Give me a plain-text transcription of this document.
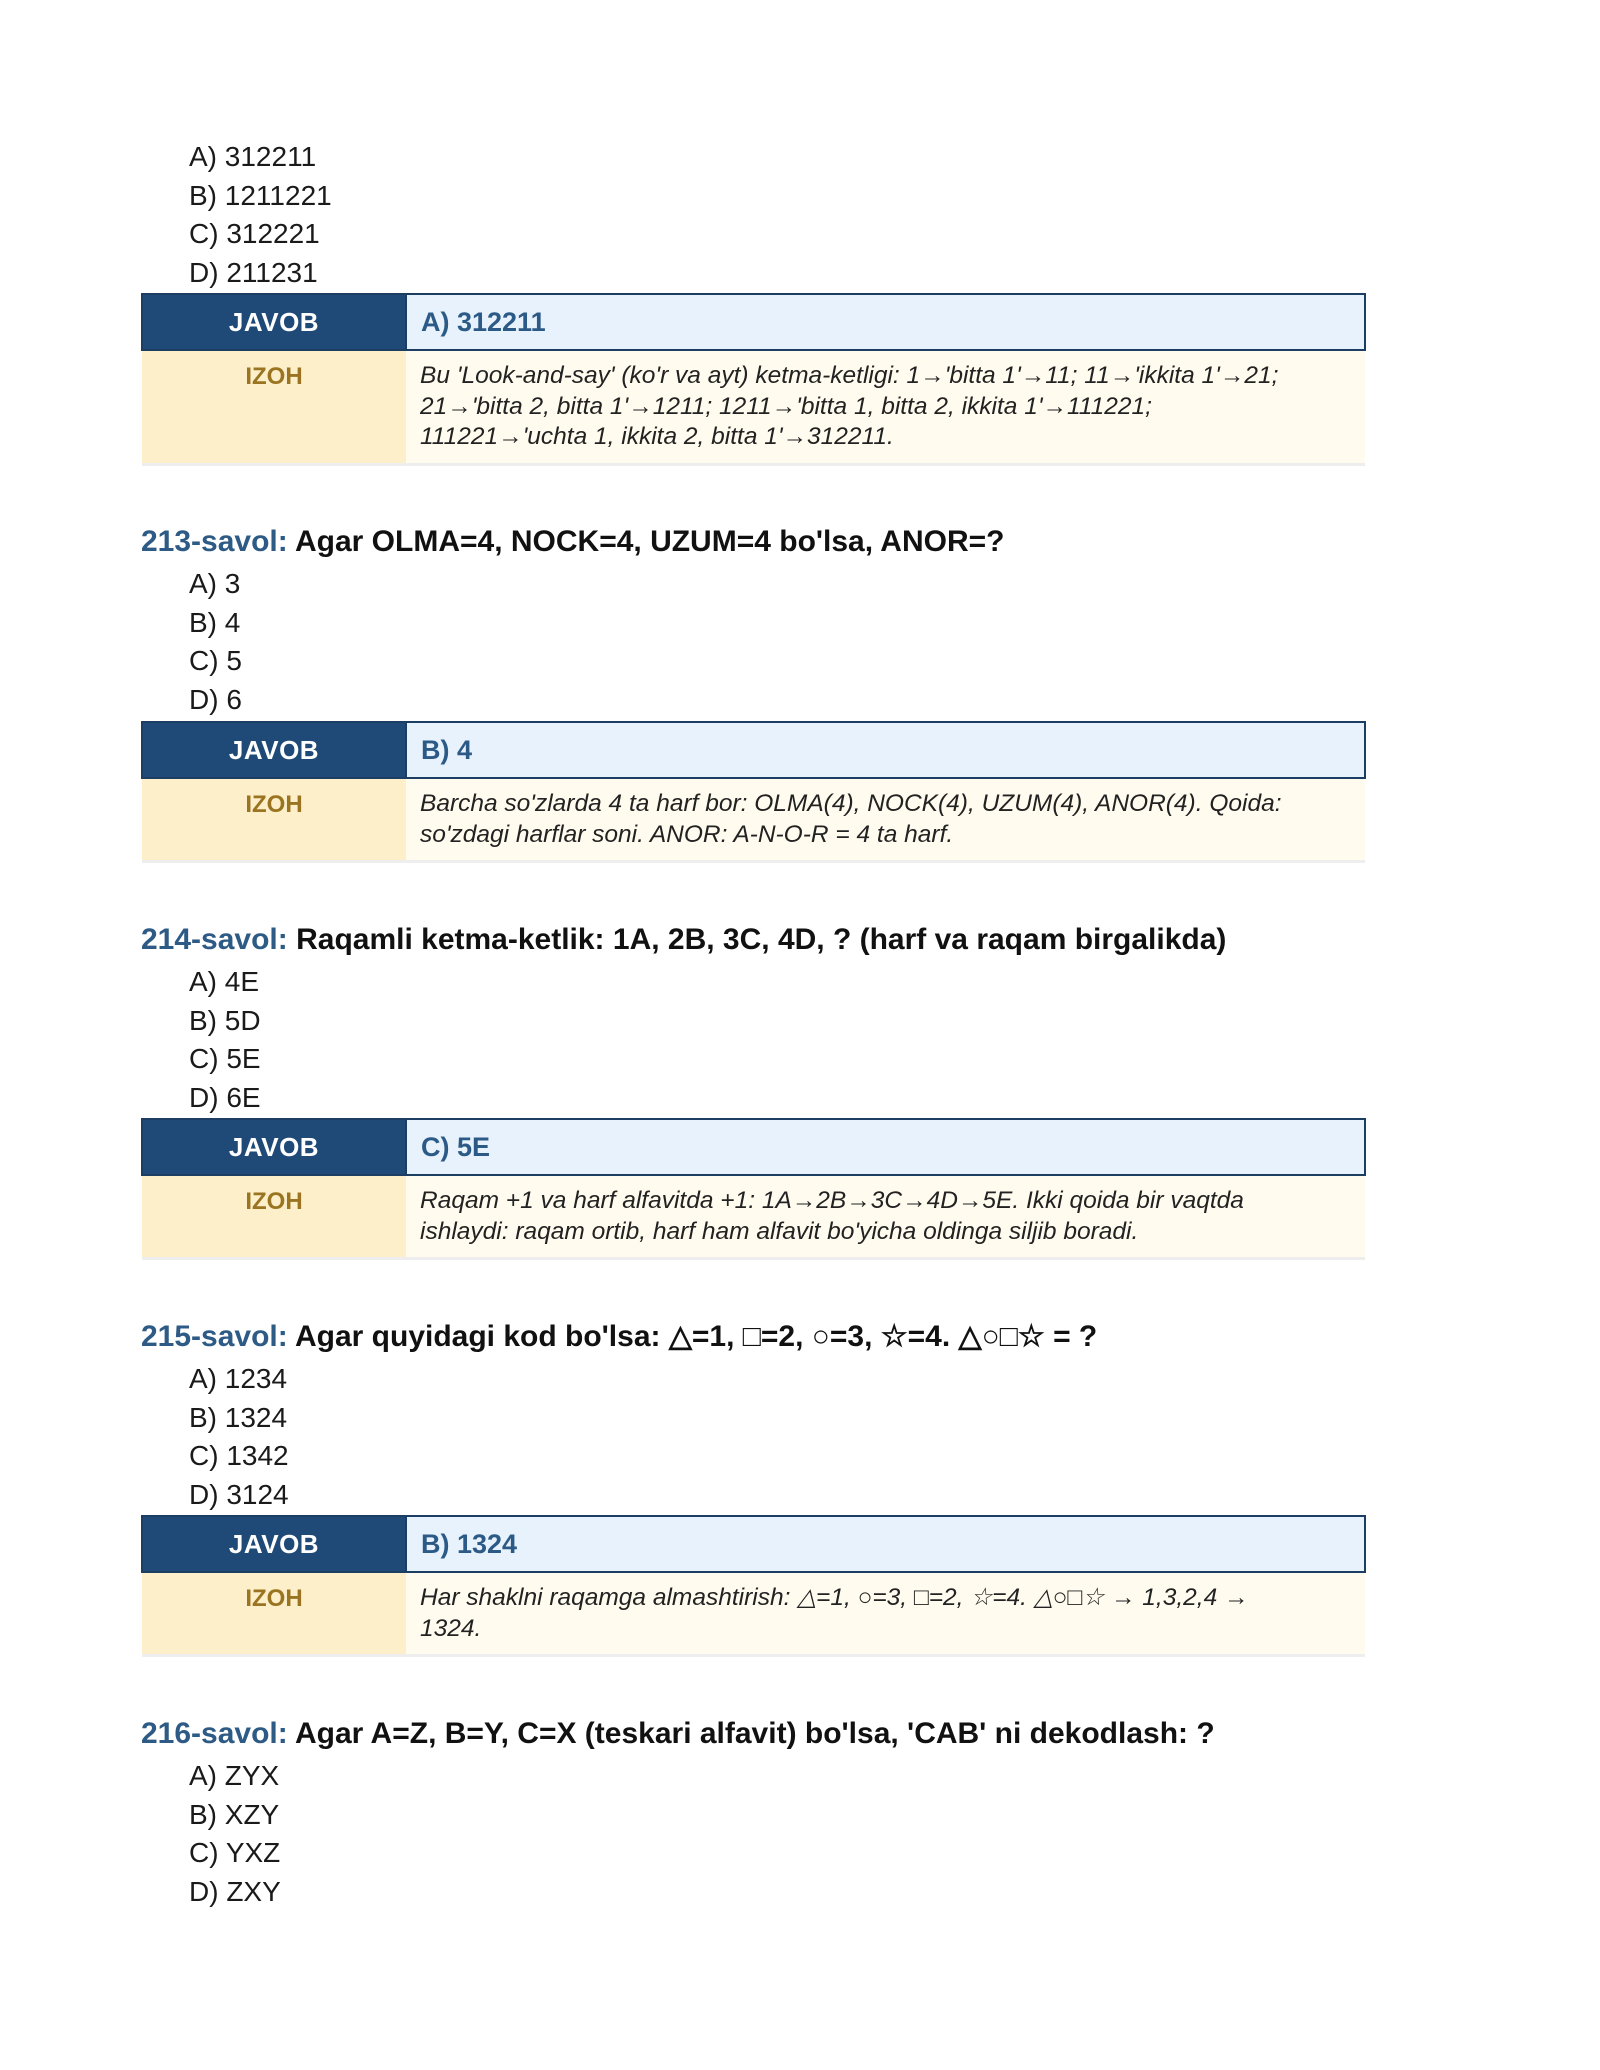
A) 312211
B) 1211221
C) 312221
D) 211231
JAVOB	A) 312211
IZOH	Bu 'Look-and-say' (ko'r va ayt) ketma-ketligi: 1→'bitta 1'→11; 11→'ikkita 1'→21;
21→'bitta 2, bitta 1'→1211; 1211→'bitta 1, bitta 2, ikkita 1'→111221;
111221→'uchta 1, ikkita 2, bitta 1'→312211.
213-savol: Agar OLMA=4, NOCK=4, UZUM=4 bo'lsa, ANOR=?
A) 3
B) 4
C) 5
D) 6
JAVOB	B) 4
IZOH	Barcha so'zlarda 4 ta harf bor: OLMA(4), NOCK(4), UZUM(4), ANOR(4). Qoida:
so'zdagi harflar soni. ANOR: A-N-O-R = 4 ta harf.
214-savol: Raqamli ketma-ketlik: 1A, 2B, 3C, 4D, ? (harf va raqam birgalikda)
A) 4E
B) 5D
C) 5E
D) 6E
JAVOB	C) 5E
IZOH	Raqam +1 va harf alfavitda +1: 1A→2B→3C→4D→5E. Ikki qoida bir vaqtda
ishlaydi: raqam ortib, harf ham alfavit bo'yicha oldinga siljib boradi.
215-savol: Agar quyidagi kod bo'lsa: △=1, □=2, ○=3, ☆=4. △○□☆ = ?
A) 1234
B) 1324
C) 1342
D) 3124
JAVOB	B) 1324
IZOH	Har shaklni raqamga almashtirish: △=1, ○=3, □=2, ☆=4. △○□☆ → 1,3,2,4 →
1324.
216-savol: Agar A=Z, B=Y, C=X (teskari alfavit) bo'lsa, 'CAB' ni dekodlash: ?
A) ZYX
B) XZY
C) YXZ
D) ZXY
